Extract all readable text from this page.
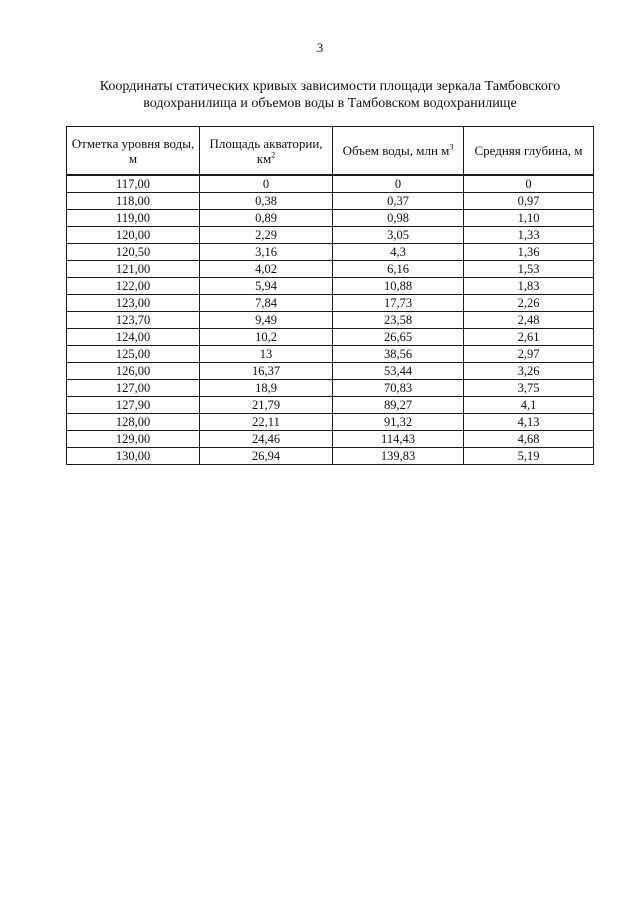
3
Координаты статических кривых зависимости площади зеркала Тамбовского
водохранилища и объемов воды в Тамбовском водохранилище
Отметка уровня воды, м	Площадь акватории, $км^2$	Объем воды, млн $м^3$	Средняя глубина, м
117,00	0	0	0
118,00	0,38	0,37	0,97
119,00	0,89	0,98	1,10
120,00	2,29	3,05	1,33
120,50	3,16	4,3	1,36
121,00	4,02	6,16	1,53
122,00	5,94	10,88	1,83
123,00	7,84	17,73	2,26
123,70	9,49	23,58	2,48
124,00	10,2	26,65	2,61
125,00	13	38,56	2,97
126,00	16,37	53,44	3,26
127,00	18,9	70,83	3,75
127,90	21,79	89,27	4,1
128,00	22,11	91,32	4,13
129,00	24,46	114,43	4,68
130,00	26,94	139,83	5,19
